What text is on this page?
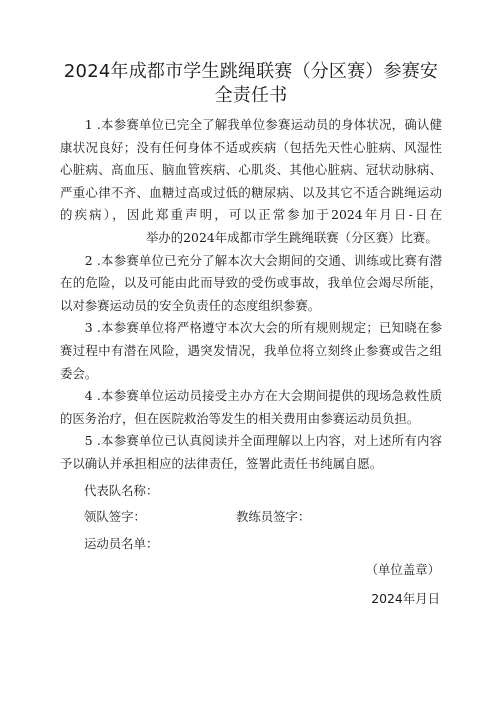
2024年成都市学生跳绳联赛（分区赛）参赛安
全责任书

1 .本参赛单位已完全了解我单位参赛运动员的身体状况，确认健康状况良好；没有任何身体不适或疾病（包括先天性心脏病、风湿性心脏病、高血压、脑血管疾病、心肌炎、其他心脏病、冠状动脉病、严重心律不齐、血糖过高或过低的糖尿病、以及其它不适合跳绳运动的疾病），因此郑重声明，可以正常参加于2024年月日-日在举办的2024年成都市学生跳绳联赛（分区赛）比赛。

2 .本参赛单位已充分了解本次大会期间的交通、训练或比赛有潜在的危险，以及可能由此而导致的受伤或事故，我单位会竭尽所能，以对参赛运动员的安全负责任的态度组织参赛。

3 .本参赛单位将严格遵守本次大会的所有规则规定；已知晓在参赛过程中有潜在风险，遇突发情况，我单位将立刻终止参赛或告之组委会。

4 .本参赛单位运动员接受主办方在大会期间提供的现场急救性质的医务治疗，但在医院救治等发生的相关费用由参赛运动员负担。

5 .本参赛单位已认真阅读并全面理解以上内容，对上述所有内容予以确认并承担相应的法律责任，签署此责任书纯属自愿。

代表队名称：

领队签字：	教练员签字：

运动员名单：

（单位盖章）

2024年月日
